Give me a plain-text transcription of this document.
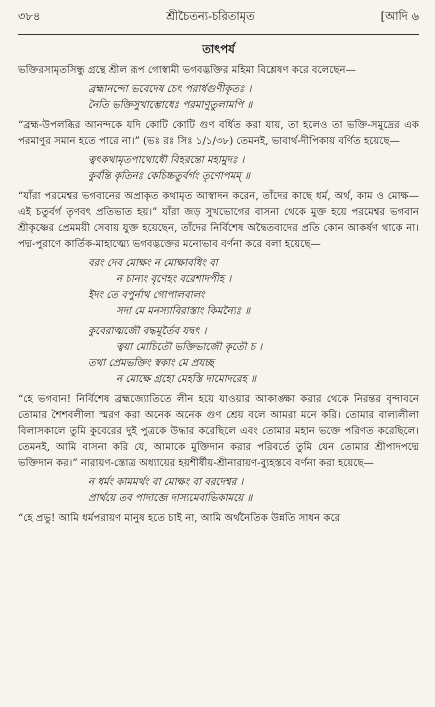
৩৮৪	শ্রীচৈতন্য-চরিতামৃত	[আদি ৬
তাৎপর্য

ভক্তিরসামৃতসিন্ধু গ্রন্থে শ্রীল রূপ গোস্বামী ভগবদ্ভক্তির মহিমা বিশ্লেষণ করে বলেছেন—

ব্রহ্মানন্দো ভবেদেষ চেৎ পরার্ধগুণীকৃতঃ ।
নৈতি ভক্তিসুখাম্ভোধেঃ পরমাণুতুলামপি ॥

“ব্রহ্ম-উপলব্ধির আনন্দকে যদি কোটি কোটি গুণ বর্ধিত করা যায়, তা হলেও তা ভক্তি-সমুদ্রের এক পরমাণুর সমান হতে পারে না।” (ভঃ রঃ সিঃ ১/১/৩৮) তেমনই, ভাবার্থ-দীপিকায় বর্ণিত হয়েছে—

ত্বৎকথামৃতপাথোধৌ বিহরন্তো মহামুদঃ ।
কুর্বন্তি কৃতিনঃ কেচিচ্চতুর্বর্গং তৃণোপমম্ ॥

“যাঁরা পরমেশ্বর ভগবানের অপ্রাকৃত কথামৃত আস্বাদন করেন, তাঁদের কাছে ধর্ম, অর্থ, কাম ও মোক্ষ—এই চতুর্বর্গ তৃণবৎ প্রতিভাত হয়।” যাঁরা জড় সুখভোগের বাসনা থেকে মুক্ত হয়ে পরমেশ্বর ভগবান শ্রীকৃষ্ণের প্রেমময়ী সেবায় যুক্ত হয়েছেন, তাঁদের নির্বিশেষ অদ্বৈতবাদের প্রতি কোন আকর্ষণ থাকে না। পদ্ম-পুরাণে কার্তিক-মাহাত্ম্যে ভগবদ্ভক্তের মনোভাব বর্ণনা করে বলা হয়েছে—

বরং দেব মোক্ষং ন মোক্ষাবধিং বা
ন চান্যং বৃণেহং বরেশাদপীহ ।
ইদং তে বপুর্নাথ গোপালবালং
সদা মে মনস্যাবিরাস্তাং কিমন্যৈঃ ॥
কুবেরাত্মজৌ বদ্ধমূর্তৈব যদ্বৎ ।
ত্বয়া মোচিতৌ ভক্তিভাজৌ কৃতৌ চ ।
তথা প্রেমভক্তিং স্বকাং মে প্রযচ্ছ
ন মোক্ষে গ্রহো মেহস্তি দামোদরেহ ॥

“হে ভগবান! নির্বিশেষ ব্রহ্মজ্যোতিতে লীন হয়ে যাওয়ার আকাঙ্ক্ষা করার থেকে নিরন্তর বৃন্দাবনে তোমার শৈশবলীলা স্মরণ করা অনেক অনেক গুণ শ্রেয় বলে আমরা মনে করি। তোমার বাল্যলীলা বিলাসকালে তুমি কুবেরের দুই পুত্রকে উদ্ধার করেছিলে এবং তোমার মহান ভক্তে পরিণত করেছিলে। তেমনই, আমি বাসনা করি যে, আমাকে মুক্তিদান করার পরিবর্তে তুমি যেন তোমার শ্রীপাদপদ্মে ভক্তিদান কর।” নারায়ণ-স্তোত্র অধ্যায়ের হয়শীর্ষীয়-শ্রীনারায়ণ-ব্যুহস্তবে বর্ণনা করা হয়েছে—

ন ধর্মং কামমর্থং বা মোক্ষং বা বরদেশ্বর ।
প্রার্থয়ে তব পাদাব্জে দাস্যমেবাভিকাময়ে ॥

“হে প্রভু! আমি ধর্মপরায়ণ মানুষ হতে চাই না, আমি অর্থনৈতিক উন্নতি সাধন করে
